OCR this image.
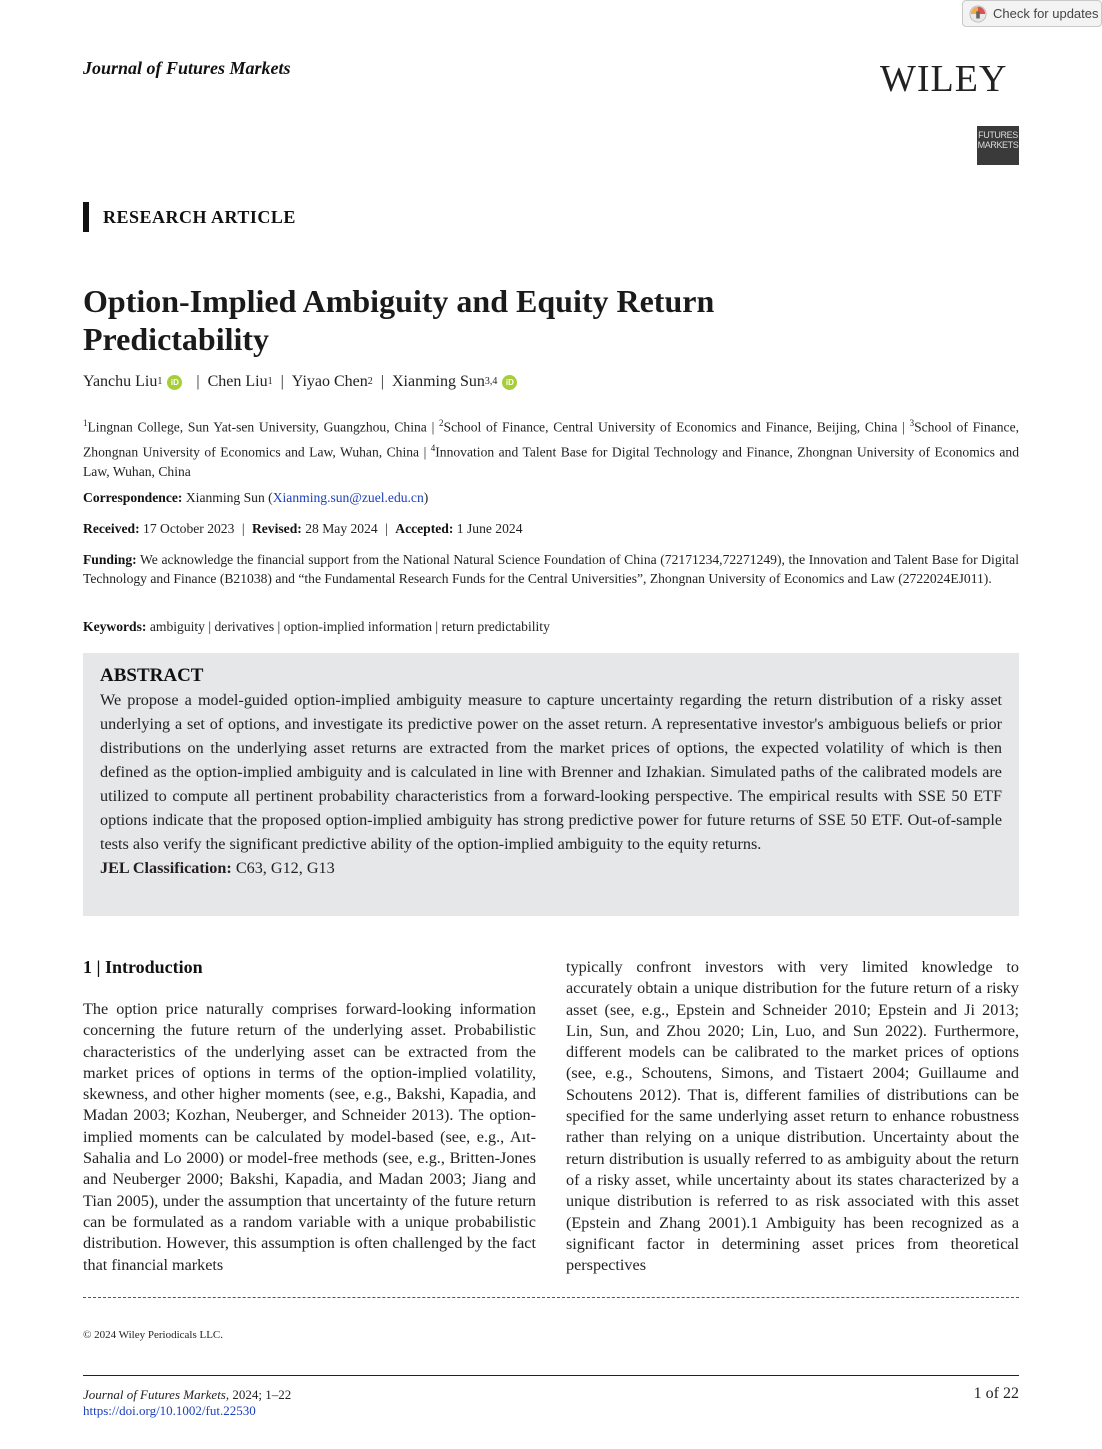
Check for updates
Journal of Futures Markets	WILEY
FUTURES MARKETS
RESEARCH ARTICLE
Option-Implied Ambiguity and Equity Return Predictability
Yanchu Liu 1	iD | Chen Liu 1 | Yiyao Chen 2 | Xianming Sun 3,4	iD
$^1$Lingnan College, Sun Yat-sen University, Guangzhou, China | $^2$School of Finance, Central University of Economics and Finance, Beijing, China | $^3$School of Finance, Zhongnan University of Economics and Law, Wuhan, China | $^4$Innovation and Talent Base for Digital Technology and Finance, Zhongnan University of Economics and Law, Wuhan, China
Correspondence: Xianming Sun (Xianming.sun@zuel.edu.cn)
Received: 17 October 2023 | Revised: 28 May 2024 | Accepted: 1 June 2024
Funding: We acknowledge the financial support from the National Natural Science Foundation of China (72171234,72271249), the Innovation and Talent Base for Digital Technology and Finance (B21038) and “the Fundamental Research Funds for the Central Universities”, Zhongnan University of Economics and Law (2722024EJ011).
Keywords: ambiguity | derivatives | option-implied information | return predictability
ABSTRACT

We propose a model-guided option-implied ambiguity measure to capture uncertainty regarding the return distribution of a risky asset underlying a set of options, and investigate its predictive power on the asset return. A representative investor's ambiguous beliefs or prior distributions on the underlying asset returns are extracted from the market prices of options, the expected volatility of which is then defined as the option-implied ambiguity and is calculated in line with Brenner and Izhakian. Simulated paths of the calibrated models are utilized to compute all pertinent probability characteristics from a forward-looking perspective. The empirical results with SSE 50 ETF options indicate that the proposed option-implied ambiguity has strong predictive power for future returns of SSE 50 ETF. Out-of-sample tests also verify the significant predictive ability of the option-implied ambiguity to the equity returns.

JEL Classification: C63, G12, G13
1 | Introduction

The option price naturally comprises forward-looking information concerning the future return of the underlying asset. Probabilistic characteristics of the underlying asset can be extracted from the market prices of options in terms of the option-implied volatility, skewness, and other higher moments (see, e.g., Bakshi, Kapadia, and Madan 2003; Kozhan, Neuberger, and Schneider 2013). The option-implied moments can be calculated by model-based (see, e.g., Aıt-Sahalia and Lo 2000) or model-free methods (see, e.g., Britten-Jones and Neuberger 2000; Bakshi, Kapadia, and Madan 2003; Jiang and Tian 2005), under the assumption that uncertainty of the future return can be formulated as a random variable with a unique probabilistic distribution. However, this assumption is often challenged by the fact that financial markets

typically confront investors with very limited knowledge to accurately obtain a unique distribution for the future return of a risky asset (see, e.g., Epstein and Schneider 2010; Epstein and Ji 2013; Lin, Sun, and Zhou 2020; Lin, Luo, and Sun 2022). Furthermore, different models can be calibrated to the market prices of options (see, e.g., Schoutens, Simons, and Tistaert 2004; Guillaume and Schoutens 2012). That is, different families of distributions can be specified for the same underlying asset return to enhance robustness rather than relying on a unique distribution. Uncertainty about the return distribution is usually referred to as ambiguity about the return of a risky asset, while uncertainty about its states characterized by a unique distribution is referred to as risk associated with this asset (Epstein and Zhang 2001).1 Ambiguity has been recognized as a significant factor in determining asset prices from theoretical perspectives

© 2024 Wiley Periodicals LLC.
Journal of Futures Markets, 2024; 1–22
https://doi.org/10.1002/fut.22530
1 of 22
